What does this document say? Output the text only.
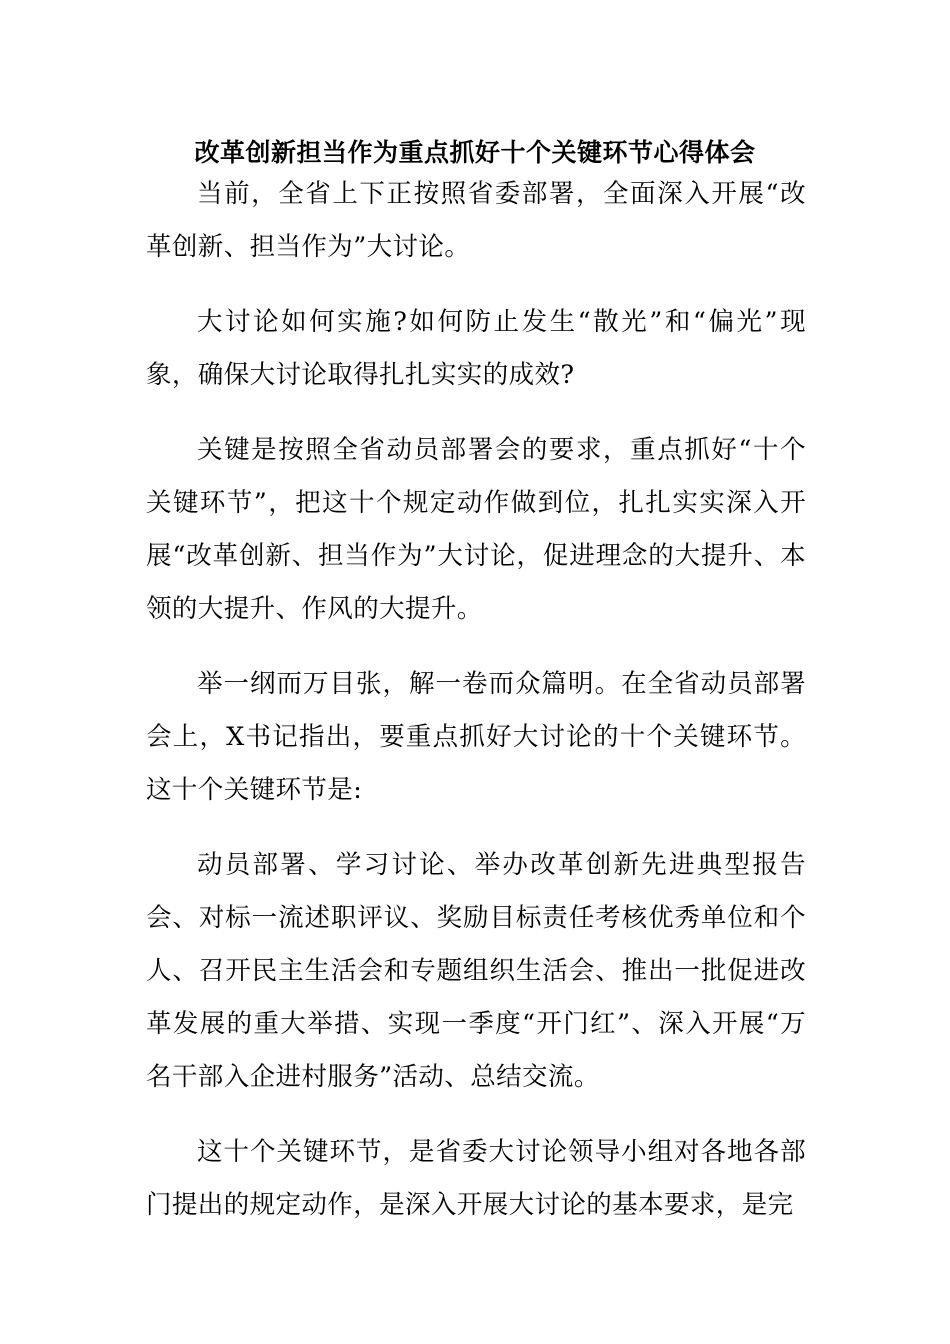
改革创新担当作为重点抓好十个关键环节心得体会

当前，全省上下正按照省委部署，全面深入开展“改革创新、担当作为”大讨论。

大讨论如何实施?如何防止发生“散光”和“偏光”现象，确保大讨论取得扎扎实实的成效?

关键是按照全省动员部署会的要求，重点抓好“十个关键环节”，把这十个规定动作做到位，扎扎实实深入开展“改革创新、担当作为”大讨论，促进理念的大提升、本领的大提升、作风的大提升。

举一纲而万目张，解一卷而众篇明。在全省动员部署会上，X书记指出，要重点抓好大讨论的十个关键环节。这十个关键环节是:

动员部署、学习讨论、举办改革创新先进典型报告会、对标一流述职评议、奖励目标责任考核优秀单位和个人、召开民主生活会和专题组织生活会、推出一批促进改革发展的重大举措、实现一季度“开门红”、深入开展“万名干部入企进村服务”活动、总结交流。

这十个关键环节，是省委大讨论领导小组对各地各部门提出的规定动作，是深入开展大讨论的基本要求，是完
